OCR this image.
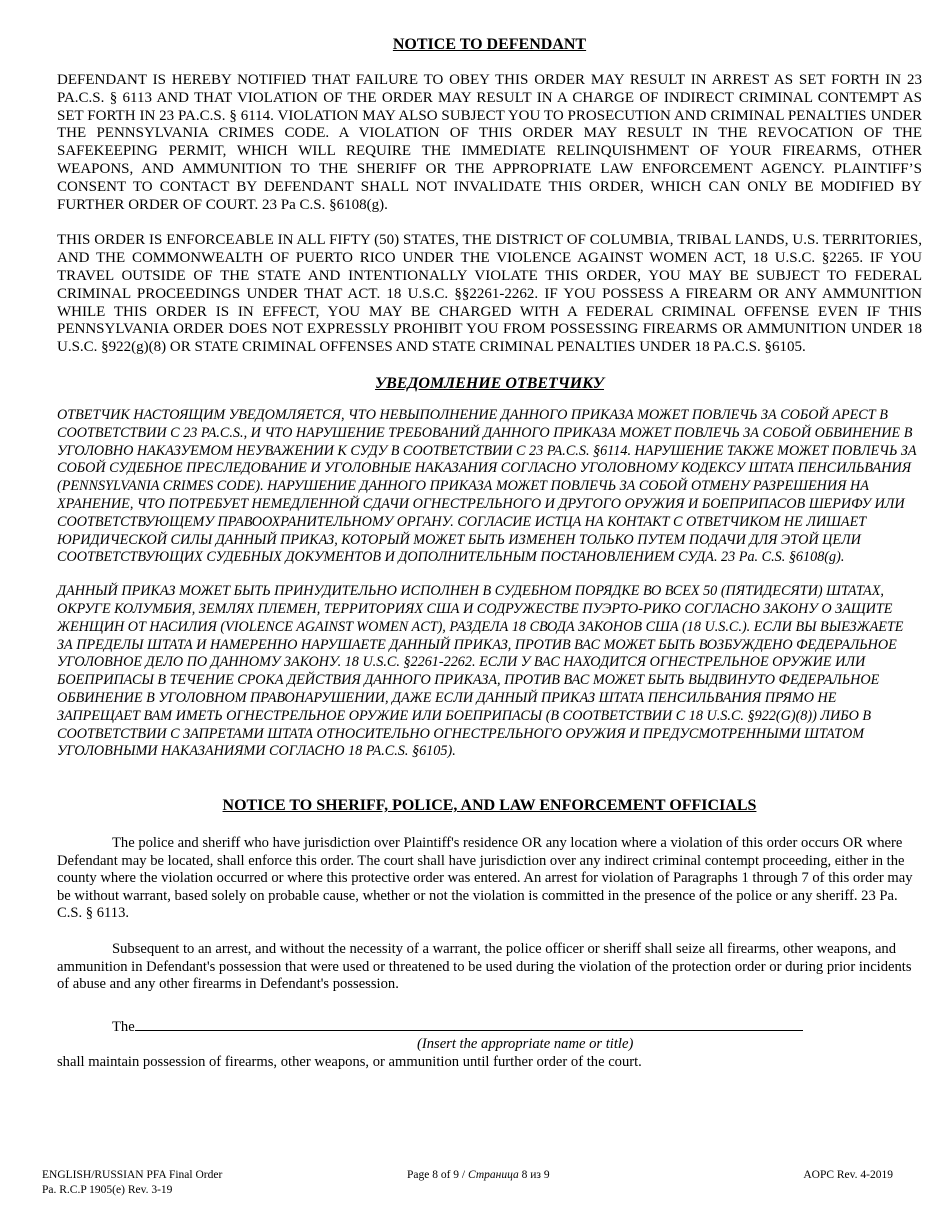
NOTICE TO DEFENDANT

DEFENDANT IS HEREBY NOTIFIED THAT FAILURE TO OBEY THIS ORDER MAY RESULT IN ARREST AS SET FORTH IN 23 PA.C.S. § 6113 AND THAT VIOLATION OF THE ORDER MAY RESULT IN A CHARGE OF INDIRECT CRIMINAL CONTEMPT AS SET FORTH IN 23 PA.C.S. § 6114. VIOLATION MAY ALSO SUBJECT YOU TO PROSECUTION AND CRIMINAL PENALTIES UNDER THE PENNSYLVANIA CRIMES CODE. A VIOLATION OF THIS ORDER MAY RESULT IN THE REVOCATION OF THE SAFEKEEPING PERMIT, WHICH WILL REQUIRE THE IMMEDIATE RELINQUISHMENT OF YOUR FIREARMS, OTHER WEAPONS, AND AMMUNITION TO THE SHERIFF OR THE APPROPRIATE LAW ENFORCEMENT AGENCY. PLAINTIFF’S CONSENT TO CONTACT BY DEFENDANT SHALL NOT INVALIDATE THIS ORDER, WHICH CAN ONLY BE MODIFIED BY FURTHER ORDER OF COURT. 23 Pa C.S. §6108(g).

THIS ORDER IS ENFORCEABLE IN ALL FIFTY (50) STATES, THE DISTRICT OF COLUMBIA, TRIBAL LANDS, U.S. TERRITORIES, AND THE COMMONWEALTH OF PUERTO RICO UNDER THE VIOLENCE AGAINST WOMEN ACT, 18 U.S.C. §2265. IF YOU TRAVEL OUTSIDE OF THE STATE AND INTENTIONALLY VIOLATE THIS ORDER, YOU MAY BE SUBJECT TO FEDERAL CRIMINAL PROCEEDINGS UNDER THAT ACT. 18 U.S.C. §§2261-2262. IF YOU POSSESS A FIREARM OR ANY AMMUNITION WHILE THIS ORDER IS IN EFFECT, YOU MAY BE CHARGED WITH A FEDERAL CRIMINAL OFFENSE EVEN IF THIS PENNSYLVANIA ORDER DOES NOT EXPRESSLY PROHIBIT YOU FROM POSSESSING FIREARMS OR AMMUNITION UNDER 18 U.S.C. §922(g)(8) OR STATE CRIMINAL OFFENSES AND STATE CRIMINAL PENALTIES UNDER 18 PA.C.S. §6105.

УВЕДОМЛЕНИЕ ОТВЕТЧИКУ

ОТВЕТЧИК НАСТОЯЩИМ УВЕДОМЛЯЕТСЯ, ЧТО НЕВЫПОЛНЕНИЕ ДАННОГО ПРИКАЗА МОЖЕТ ПОВЛЕЧЬ ЗА СОБОЙ АРЕСТ В СООТВЕТСТВИИ С 23 PA.C.S., И ЧТО НАРУШЕНИЕ ТРЕБОВАНИЙ ДАННОГО ПРИКАЗА МОЖЕТ ПОВЛЕЧЬ ЗА СОБОЙ ОБВИНЕНИЕ В УГОЛОВНО НАКАЗУЕМОМ НЕУВАЖЕНИИ К СУДУ В СООТВЕТСТВИИ С 23 PA.C.S. §6114. НАРУШЕНИЕ ТАКЖЕ МОЖЕТ ПОВЛЕЧЬ ЗА СОБОЙ СУДЕБНОЕ ПРЕСЛЕДОВАНИЕ И УГОЛОВНЫЕ НАКАЗАНИЯ СОГЛАСНО УГОЛОВНОМУ КОДЕКСУ ШТАТА ПЕНСИЛЬВАНИЯ (PENNSYLVANIA CRIMES CODE). НАРУШЕНИЕ ДАННОГО ПРИКАЗА МОЖЕТ ПОВЛЕЧЬ ЗА СОБОЙ ОТМЕНУ РАЗРЕШЕНИЯ НА ХРАНЕНИЕ, ЧТО ПОТРЕБУЕТ НЕМЕДЛЕННОЙ СДАЧИ ОГНЕСТРЕЛЬНОГО И ДРУГОГО ОРУЖИЯ И БОЕПРИПАСОВ ШЕРИФУ ИЛИ СООТВЕТСТВУЮЩЕМУ ПРАВООХРАНИТЕЛЬНОМУ ОРГАНУ. СОГЛАСИЕ ИСТЦА НА КОНТАКТ С ОТВЕТЧИКОМ НЕ ЛИШАЕТ ЮРИДИЧЕСКОЙ СИЛЫ ДАННЫЙ ПРИКАЗ, КОТОРЫЙ МОЖЕТ БЫТЬ ИЗМЕНЕН ТОЛЬКО ПУТЕМ ПОДАЧИ ДЛЯ ЭТОЙ ЦЕЛИ СООТВЕТСТВУЮЩИХ СУДЕБНЫХ ДОКУМЕНТОВ И ДОПОЛНИТЕЛЬНЫМ ПОСТАНОВЛЕНИЕМ СУДА. 23 Pa. C.S. §6108(g).

ДАННЫЙ ПРИКАЗ МОЖЕТ БЫТЬ ПРИНУДИТЕЛЬНО ИСПОЛНЕН В СУДЕБНОМ ПОРЯДКЕ ВО ВСЕХ 50 (ПЯТИДЕСЯТИ) ШТАТАХ, ОКРУГЕ КОЛУМБИЯ, ЗЕМЛЯХ ПЛЕМЕН, ТЕРРИТОРИЯХ США И СОДРУЖЕСТВЕ ПУЭРТО-РИКО СОГЛАСНО ЗАКОНУ О ЗАЩИТЕ ЖЕНЩИН ОТ НАСИЛИЯ (VIOLENCE AGAINST WOMEN ACT), РАЗДЕЛА 18 СВОДА ЗАКОНОВ США (18 U.S.C.). ЕСЛИ ВЫ ВЫЕЗЖАЕТЕ ЗА ПРЕДЕЛЫ ШТАТА И НАМЕРЕННО НАРУШАЕТЕ ДАННЫЙ ПРИКАЗ, ПРОТИВ ВАС МОЖЕТ БЫТЬ ВОЗБУЖДЕНО ФЕДЕРАЛЬНОЕ УГОЛОВНОЕ ДЕЛО ПО ДАННОМУ ЗАКОНУ. 18 U.S.C. §2261-2262. ЕСЛИ У ВАС НАХОДИТСЯ ОГНЕСТРЕЛЬНОЕ ОРУЖИЕ ИЛИ БОЕПРИПАСЫ В ТЕЧЕНИЕ СРОКА ДЕЙСТВИЯ ДАННОГО ПРИКАЗА, ПРОТИВ ВАС МОЖЕТ БЫТЬ ВЫДВИНУТО ФЕДЕРАЛЬНОЕ ОБВИНЕНИЕ В УГОЛОВНОМ ПРАВОНАРУШЕНИИ, ДАЖЕ ЕСЛИ ДАННЫЙ ПРИКАЗ ШТАТА ПЕНСИЛЬВАНИЯ ПРЯМО НЕ ЗАПРЕЩАЕТ ВАМ ИМЕТЬ ОГНЕСТРЕЛЬНОЕ ОРУЖИЕ ИЛИ БОЕПРИПАСЫ (В СООТВЕТСТВИИ С 18 U.S.C. §922(G)(8)) ЛИБО В СООТВЕТСТВИИ С ЗАПРЕТАМИ ШТАТА ОТНОСИТЕЛЬНО ОГНЕСТРЕЛЬНОГО ОРУЖИЯ И ПРЕДУСМОТРЕННЫМИ ШТАТОМ УГОЛОВНЫМИ НАКАЗАНИЯМИ СОГЛАСНО 18 PA.C.S. §6105).

NOTICE TO SHERIFF, POLICE, AND LAW ENFORCEMENT OFFICIALS

The police and sheriff who have jurisdiction over Plaintiff's residence OR any location where a violation of this order occurs OR where Defendant may be located, shall enforce this order. The court shall have jurisdiction over any indirect criminal contempt proceeding, either in the county where the violation occurred or where this protective order was entered. An arrest for violation of Paragraphs 1 through 7 of this order may be without warrant, based solely on probable cause, whether or not the violation is committed in the presence of the police or any sheriff. 23 Pa. C.S. § 6113.

Subsequent to an arrest, and without the necessity of a warrant, the police officer or sheriff shall seize all firearms, other weapons, and ammunition in Defendant's possession that were used or threatened to be used during the violation of the protection order or during prior incidents of abuse and any other firearms in Defendant's possession.

The
(Insert the appropriate name or title)
shall maintain possession of firearms, other weapons, or ammunition until further order of the court.
ENGLISH/RUSSIAN PFA Final Order
Pa. R.C.P 1905(e) Rev. 3-19
Page 8 of 9 / Страница 8 из 9	AOPC Rev. 4-2019
